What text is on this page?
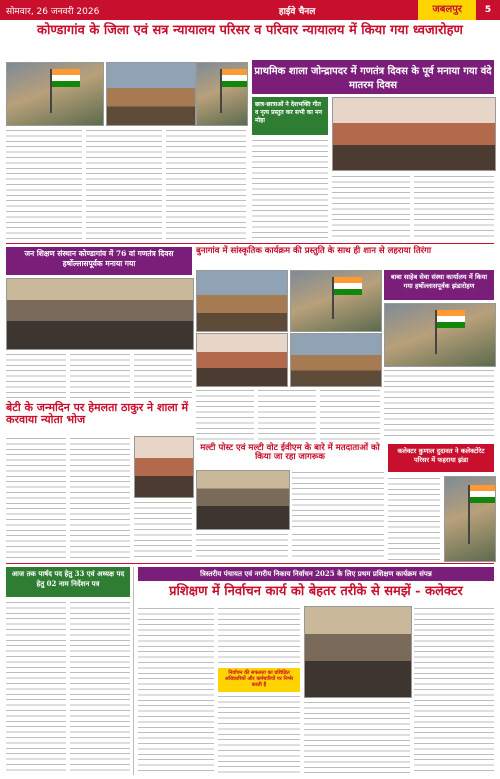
सोमवार, 26 जनवरी 2026	हाईवे चैनल	जबलपुर	5
कोण्डागांव के जिला एवं सत्र न्यायालय परिसर व परिवार न्यायालय में किया गया ध्वजारोहण
प्राथमिक शाला जोन्द्रापदर में गणतंत्र दिवस के पूर्व मनाया गया वंदे मातरम दिवस
छात्र-छात्राओं ने देशभक्ति गीत व नृत्य प्रस्तुत कर सभी का मन मोहा
जन शिक्षण संस्थान कोण्डागांव में 76 वां गणतंत्र दिवस हर्षोल्लासपूर्वक मनाया गया
बुनागांव में सांस्कृतिक कार्यक्रम की प्रस्तुति के साथ ही शान से लहराया तिरंगा
बाबा साहेब सेवा संस्था कार्यालय में किया गया हर्षोल्लासपूर्वक झंडारोहण
बेटी के जन्मदिन पर हेमलता ठाकुर ने शाला में करवाया न्योता भोज
मल्टी पोस्ट एवं मल्टी वोट ईवीएम के बारे में मतदाताओं को किया जा रहा जागरूक
कलेक्टर कुणाल दुदावत ने कलेक्टोरेट परिसर में फहराया झंडा
आज तक पार्षद पद हेतु 33 एवं अध्यक्ष पद हेतु 02 नाम निर्देशन पत्र
त्रिस्तरीय पंचायत एवं नगरीय निकाय निर्वाचन 2025 के लिए प्रथम प्रशिक्षण कार्यक्रम संपन्न
प्रशिक्षण में निर्वाचन कार्य को बेहतर तरीके से समझें - कलेक्टर
निर्वाचन की सफलता का प्रशिक्षित अधिकारियों और कर्मचारियों पर निर्भर करती है
